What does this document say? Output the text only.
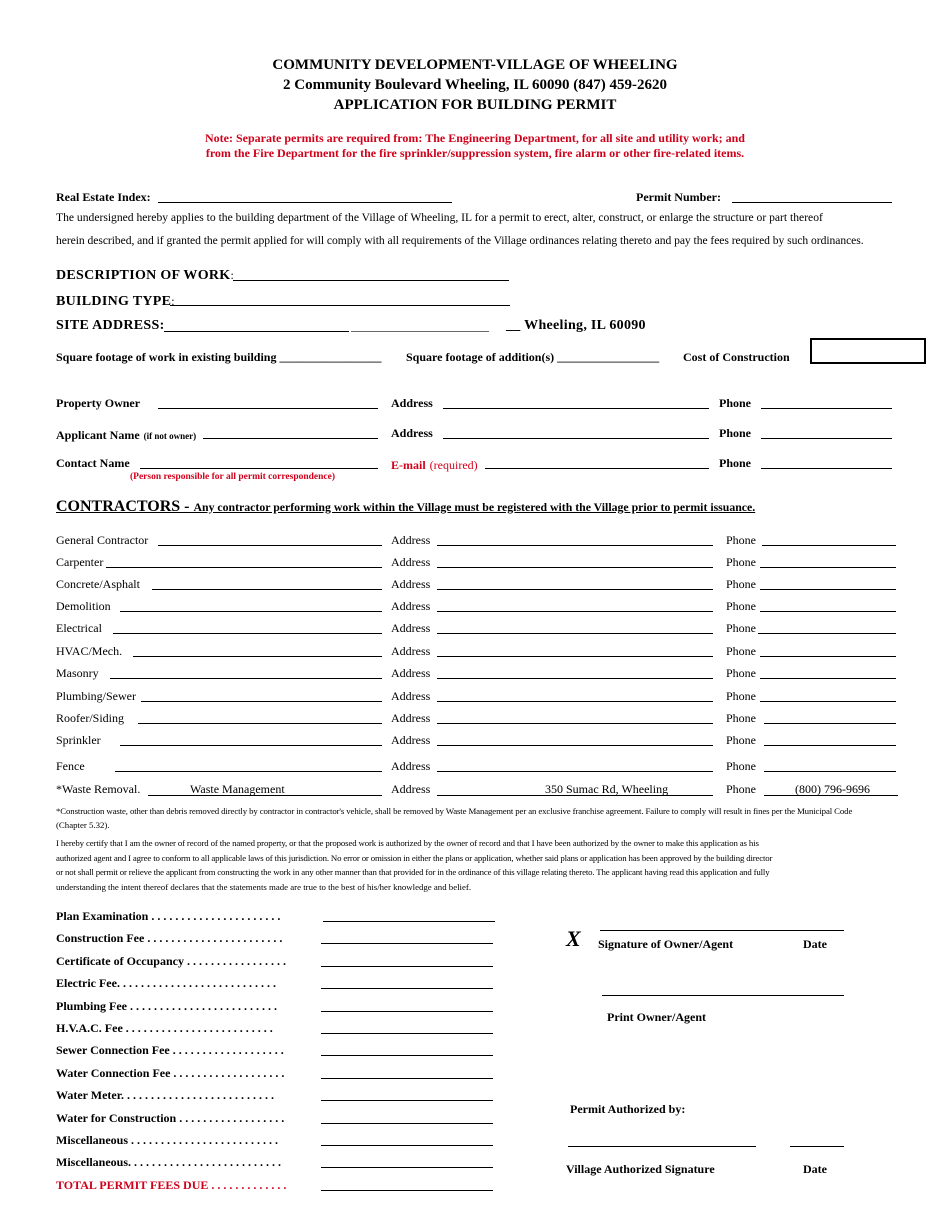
COMMUNITY DEVELOPMENT-VILLAGE OF WHEELING
2 Community Boulevard Wheeling, IL 60090 (847) 459-2620
APPLICATION FOR BUILDING PERMIT
Note: Separate permits are required from: The Engineering Department, for all site and utility work; and
from the Fire Department for the fire sprinkler/suppression system, fire alarm or other fire-related items.
Real Estate Index:	Permit Number:
The undersigned hereby applies to the building department of the Village of Wheeling, IL for a permit to erect, alter, construct, or enlarge the structure or part thereof
herein described, and if granted the permit applied for will comply with all requirements of the Village ordinances relating thereto and pay the fees required by such ordinances.
DESCRIPTION OF WORK:
BUILDING TYPE:
SITE ADDRESS:	_______________________ __ Wheeling, IL 60090
Square footage of work in existing building _________________ Square footage of addition(s) _________________ Cost of Construction
Property Owner	Address	Phone
Applicant Name (if not owner)	Address	Phone
Contact Name
(Person responsible for all permit correspondence)
E-mail (required)	Phone
CONTRACTORS - Any contractor performing work within the Village must be registered with the Village prior to permit issuance.
General Contractor	Address	Phone
Carpenter	Address	Phone
Concrete/Asphalt	Address	Phone
Demolition	Address	Phone
Electrical	Address	Phone
HVAC/Mech.	Address	Phone
Masonry	Address	Phone
Plumbing/Sewer	Address	Phone
Roofer/Siding	Address	Phone
Sprinkler	Address	Phone
Fence	Address	Phone
*Waste Removal.	Waste Management	Address	350 Sumac Rd, Wheeling	Phone	(800) 796-9696
*Construction waste, other than debris removed directly by contractor in contractor's vehicle, shall be removed by Waste Management per an exclusive franchise agreement. Failure to comply will result in fines per the Municipal Code
(Chapter 5.32).
I hereby certify that I am the owner of record of the named property, or that the proposed work is authorized by the owner of record and that I have been authorized by the owner to make this application as his
authorized agent and I agree to conform to all applicable laws of this jurisdiction. No error or omission in either the plans or application, whether said plans or application has been approved by the building director
or not shall permit or relieve the applicant from constructing the work in any other manner than that provided for in the ordinance of this village relating thereto. The applicant having read this application and fully
understanding the intent thereof declares that the statements made are true to the best of his/her knowledge and belief.
Plan Examination . . . . . . . . . . . . . . . . . . . . . .
Construction Fee . . . . . . . . . . . . . . . . . . . . . . .
Certificate of Occupancy . . . . . . . . . . . . . . . . .
Electric Fee. . . . . . . . . . . . . . . . . . . . . . . . . . .
Plumbing Fee . . . . . . . . . . . . . . . . . . . . . . . . .
H.V.A.C. Fee . . . . . . . . . . . . . . . . . . . . . . . . .
Sewer Connection Fee . . . . . . . . . . . . . . . . . . .
Water Connection Fee . . . . . . . . . . . . . . . . . . .
Water Meter. . . . . . . . . . . . . . . . . . . . . . . . . .
Water for Construction . . . . . . . . . . . . . . . . . .
Miscellaneous . . . . . . . . . . . . . . . . . . . . . . . . .
Miscellaneous. . . . . . . . . . . . . . . . . . . . . . . . . .
TOTAL PERMIT FEES DUE . . . . . . . . . . . . .
X Signature of Owner/Agent	Date
Print Owner/Agent
Permit Authorized by:
Village Authorized Signature	Date
